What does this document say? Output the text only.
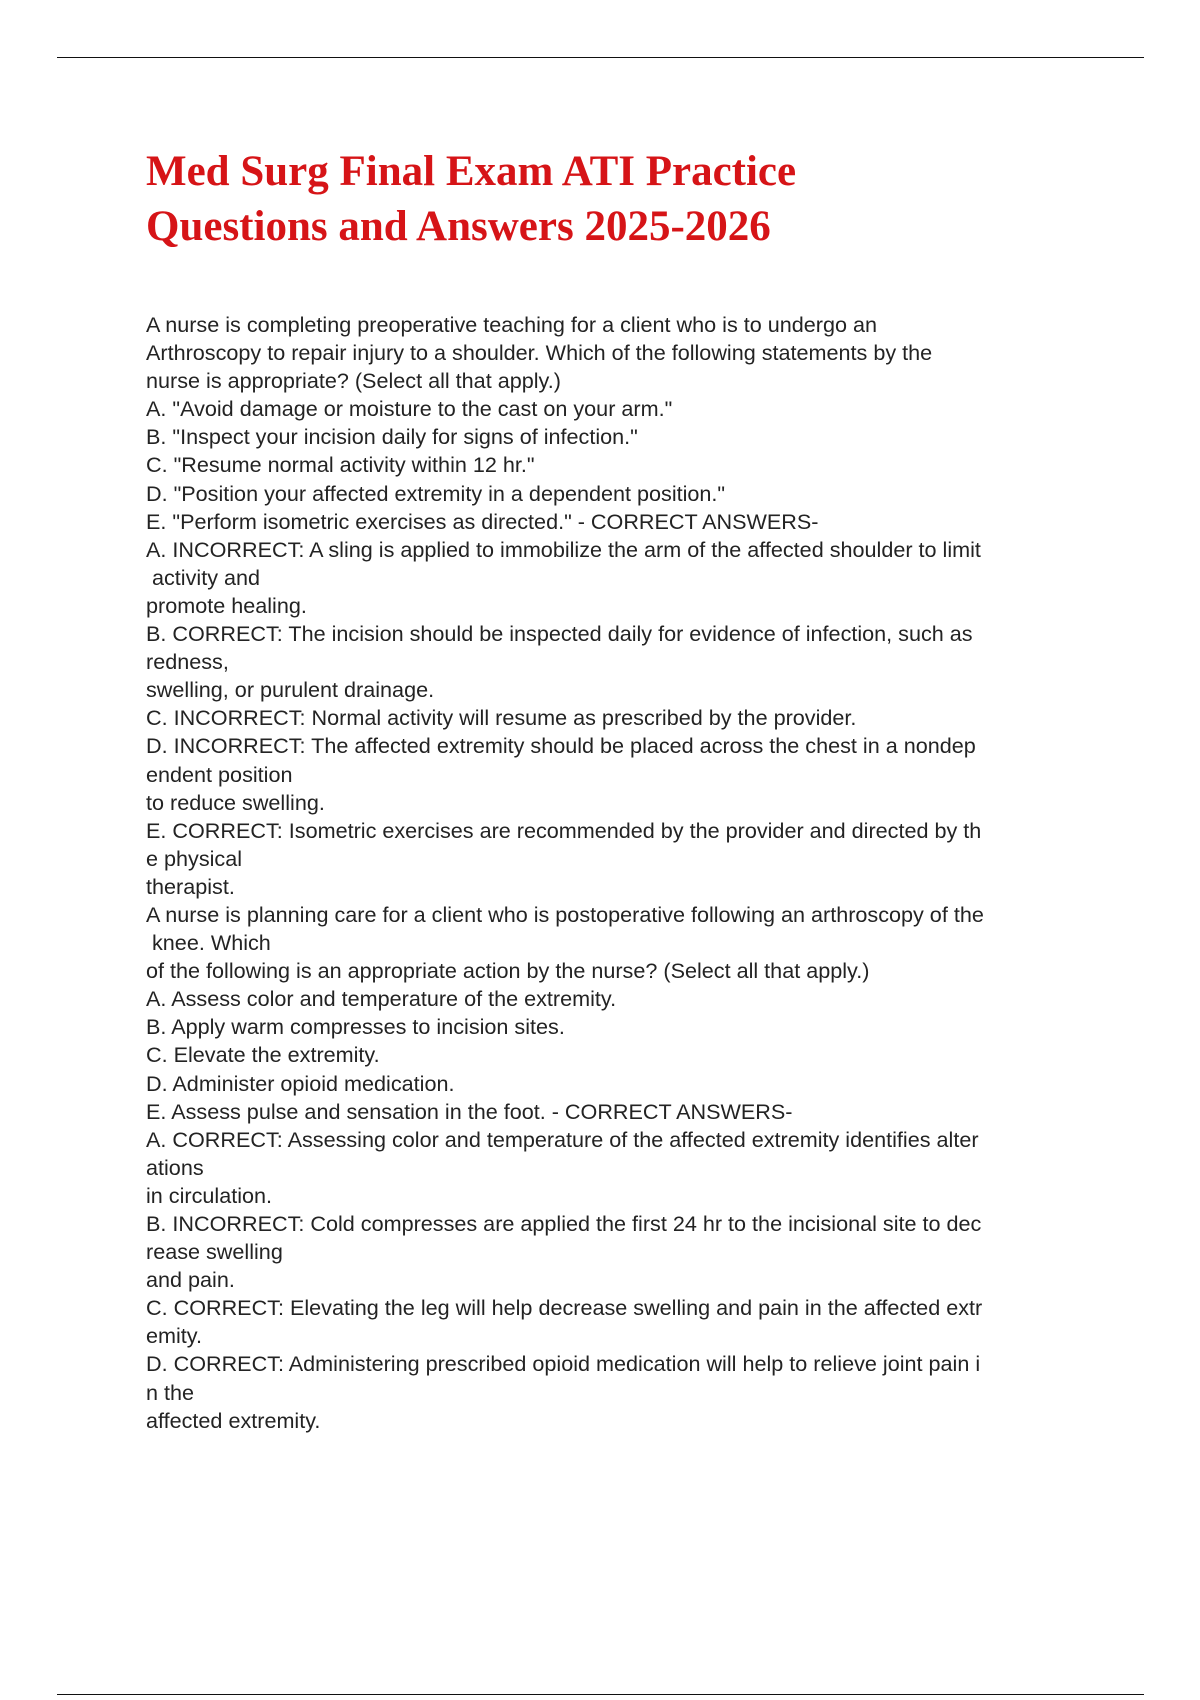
Med Surg Final Exam ATI Practice
Questions and Answers 2025-2026
A nurse is completing preoperative teaching for a client who is to undergo an
Arthroscopy to repair injury to a shoulder. Which of the following statements by the
nurse is appropriate? (Select all that apply.)
A. "Avoid damage or moisture to the cast on your arm."
B. "Inspect your incision daily for signs of infection."
C. "Resume normal activity within 12 hr."
D. "Position your affected extremity in a dependent position."
E. "Perform isometric exercises as directed." - CORRECT ANSWERS-
A. INCORRECT: A sling is applied to immobilize the arm of the affected shoulder to limit
activity and
promote healing.
B. CORRECT: The incision should be inspected daily for evidence of infection, such as
redness,
swelling, or purulent drainage.
C. INCORRECT: Normal activity will resume as prescribed by the provider.
D. INCORRECT: The affected extremity should be placed across the chest in a nondep
endent position
to reduce swelling.
E. CORRECT: Isometric exercises are recommended by the provider and directed by th
e physical
therapist.
A nurse is planning care for a client who is postoperative following an arthroscopy of the
knee. Which
of the following is an appropriate action by the nurse? (Select all that apply.)
A. Assess color and temperature of the extremity.
B. Apply warm compresses to incision sites.
C. Elevate the extremity.
D. Administer opioid medication.
E. Assess pulse and sensation in the foot. - CORRECT ANSWERS-
A. CORRECT: Assessing color and temperature of the affected extremity identifies alter
ations
in circulation.
B. INCORRECT: Cold compresses are applied the first 24 hr to the incisional site to dec
rease swelling
and pain.
C. CORRECT: Elevating the leg will help decrease swelling and pain in the affected extr
emity.
D. CORRECT: Administering prescribed opioid medication will help to relieve joint pain i
n the
affected extremity.
